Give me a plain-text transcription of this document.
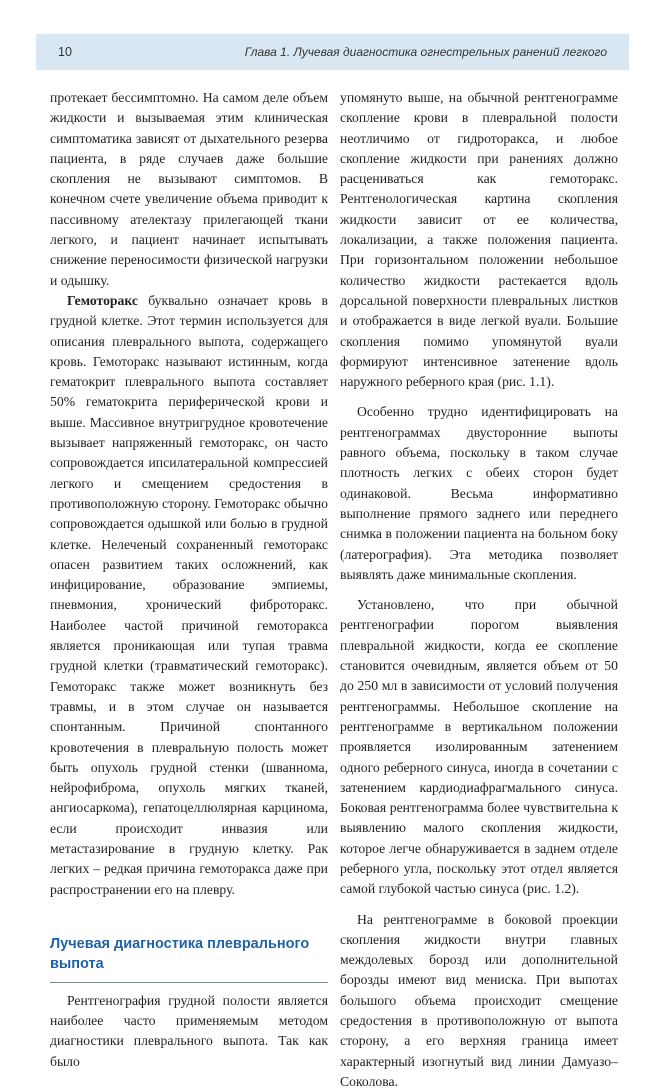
10	Глава 1. Лучевая диагностика огнестрельных ранений легкого

протекает бессимптомно. На самом деле объем жидкости и вызываемая этим клиническая симптоматика зависят от дыхательного резерва пациента, в ряде случаев даже большие скопления не вызывают симптомов. В конечном счете увеличение объема приводит к пассивному ателектазу прилегающей ткани легкого, и пациент начинает испытывать снижение переносимости физической нагрузки и одышку.

Гемоторакс буквально означает кровь в грудной клетке. Этот термин используется для описания плеврального выпота, содержащего кровь. Гемоторакс называют истинным, когда гематокрит плеврального выпота составляет 50% гематокрита периферической крови и выше. Массивное внутригрудное кровотечение вызывает напряженный гемоторакс, он часто сопровождается ипсилатеральной компрессией легкого и смещением средостения в противоположную сторону. Гемоторакс обычно сопровождается одышкой или болью в грудной клетке. Нелеченый сохраненный гемоторакс опасен развитием таких осложнений, как инфицирование, образование эмпиемы, пневмония, хронический фиброторакс. Наиболее частой причиной гемоторакса является проникающая или тупая травма грудной клетки (травматический гемоторакс). Гемоторакс также может возникнуть без травмы, и в этом случае он называется спонтанным. Причиной спонтанного кровотечения в плевральную полость может быть опухоль грудной стенки (шваннома, нейрофиброма, опухоль мягких тканей, ангиосаркома), гепатоцеллюлярная карцинома, если происходит инвазия или метастазирование в грудную клетку. Рак легких – редкая причина гемоторакса даже при распространении его на плевру.

Лучевая диагностика плеврального выпота

Рентгенография грудной полости является наиболее часто применяемым методом диагностики плеврального выпота. Так как было

упомянуто выше, на обычной рентгенограмме скопление крови в плевральной полости неотличимо от гидроторакса, и любое скопление жидкости при ранениях должно расцениваться как гемоторакс. Рентгенологическая картина скопления жидкости зависит от ее количества, локализации, а также положения пациента. При горизонтальном положении небольшое количество жидкости растекается вдоль дорсальной поверхности плевральных листков и отображается в виде легкой вуали. Большие скопления помимо упомянутой вуали формируют интенсивное затенение вдоль наружного реберного края (рис. 1.1).

Особенно трудно идентифицировать на рентгенограммах двусторонние выпоты равного объема, поскольку в таком случае плотность легких с обеих сторон будет одинаковой. Весьма информативно выполнение прямого заднего или переднего снимка в положении пациента на больном боку (латерография). Эта методика позволяет выявлять даже минимальные скопления.

Установлено, что при обычной рентгенографии порогом выявления плевральной жидкости, когда ее скопление становится очевидным, является объем от 50 до 250 мл в зависимости от условий получения рентгенограммы. Небольшое скопление на рентгенограмме в вертикальном положении проявляется изолированным затенением одного реберного синуса, иногда в сочетании с затенением кардиодиафрагмального синуса. Боковая рентгенограмма более чувствительна к выявлению малого скопления жидкости, которое легче обнаруживается в заднем отделе реберного угла, поскольку этот отдел является самой глубокой частью синуса (рис. 1.2).

На рентгенограмме в боковой проекции скопления жидкости внутри главных междолевых борозд или дополнительной борозды имеют вид мениска. При выпотах большого объема происходит смещение средостения в противоположную от выпота сторону, а его верхняя граница имеет характерный изогнутый вид линии Дамуазо–Соколова.
